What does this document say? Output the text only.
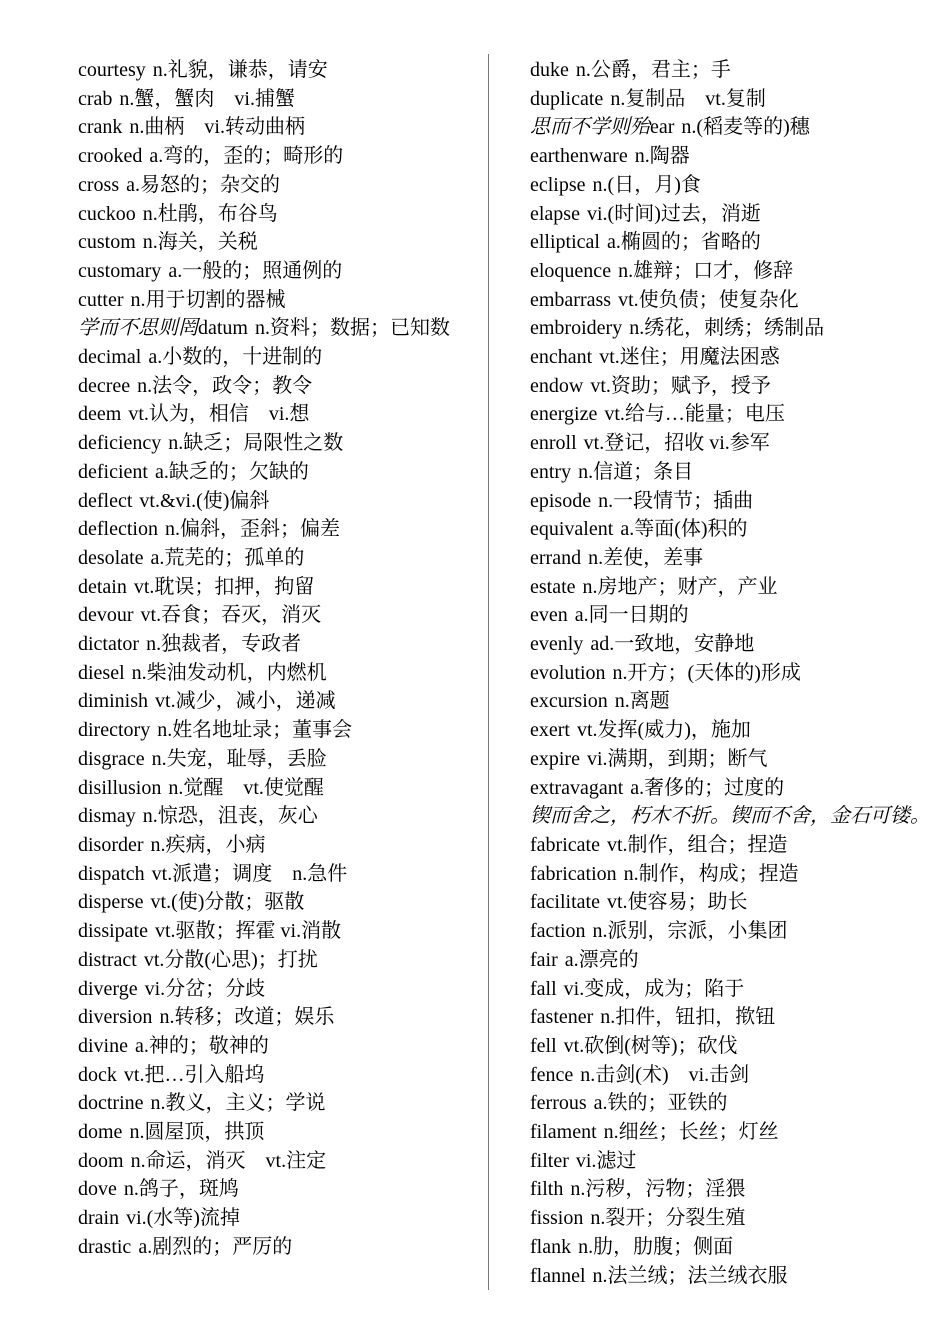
courtesy n.礼貌，谦恭，请安
crab n.蟹，蟹肉　vi.捕蟹
crank n.曲柄　vi.转动曲柄
crooked a.弯的，歪的；畸形的
cross a.易怒的；杂交的
cuckoo n.杜鹃，布谷鸟
custom n.海关，关税
customary a.一般的；照通例的
cutter n.用于切割的器械
学而不思则罔datum n.资料；数据；已知数
decimal a.小数的，十进制的
decree n.法令，政令；教令
deem vt.认为，相信　vi.想
deficiency n.缺乏；局限性之数
deficient a.缺乏的；欠缺的
deflect vt.&vi.(使)偏斜
deflection n.偏斜，歪斜；偏差
desolate a.荒芜的；孤单的
detain vt.耽误；扣押，拘留
devour vt.吞食；吞灭，消灭
dictator n.独裁者，专政者
diesel n.柴油发动机，内燃机
diminish vt.减少，减小，递减
directory n.姓名地址录；董事会
disgrace n.失宠，耻辱，丢脸
disillusion n.觉醒　vt.使觉醒
dismay n.惊恐，沮丧，灰心
disorder n.疾病，小病
dispatch vt.派遣；调度　n.急件
disperse vt.(使)分散；驱散
dissipate vt.驱散；挥霍 vi.消散
distract vt.分散(心思)；打扰
diverge vi.分岔；分歧
diversion n.转移；改道；娱乐
divine a.神的；敬神的
dock vt.把…引入船坞
doctrine n.教义，主义；学说
dome n.圆屋顶，拱顶
doom n.命运，消灭　vt.注定
dove n.鸽子，斑鸠
drain vi.(水等)流掉
drastic a.剧烈的；严厉的
duke n.公爵，君主；手
duplicate n.复制品　vt.复制
思而不学则殆ear n.(稻麦等的)穗
earthenware n.陶器
eclipse n.(日，月)食
elapse vi.(时间)过去，消逝
elliptical a.椭圆的；省略的
eloquence n.雄辩；口才，修辞
embarrass vt.使负债；使复杂化
embroidery n.绣花，刺绣；绣制品
enchant vt.迷住；用魔法困惑
endow vt.资助；赋予，授予
energize vt.给与…能量；电压
enroll vt.登记，招收 vi.参军
entry n.信道；条目
episode n.一段情节；插曲
equivalent a.等面(体)积的
errand n.差使，差事
estate n.房地产；财产，产业
even a.同一日期的
evenly ad.一致地，安静地
evolution n.开方；(天体的)形成
excursion n.离题
exert vt.发挥(威力)，施加
expire vi.满期，到期；断气
extravagant a.奢侈的；过度的
锲而舍之，朽木不折。锲而不舍，金石可镂。fabricate vt.制作，组合；捏造
fabrication n.制作，构成；捏造
facilitate vt.使容易；助长
faction n.派别，宗派，小集团
fair a.漂亮的
fall vi.变成，成为；陷于
fastener n.扣件，钮扣，揿钮
fell vt.砍倒(树等)；砍伐
fence n.击剑(术)　vi.击剑
ferrous a.铁的；亚铁的
filament n.细丝；长丝；灯丝
filter vi.滤过
filth n.污秽，污物；淫猥
fission n.裂开；分裂生殖
flank n.肋，肋腹；侧面
flannel n.法兰绒；法兰绒衣服
